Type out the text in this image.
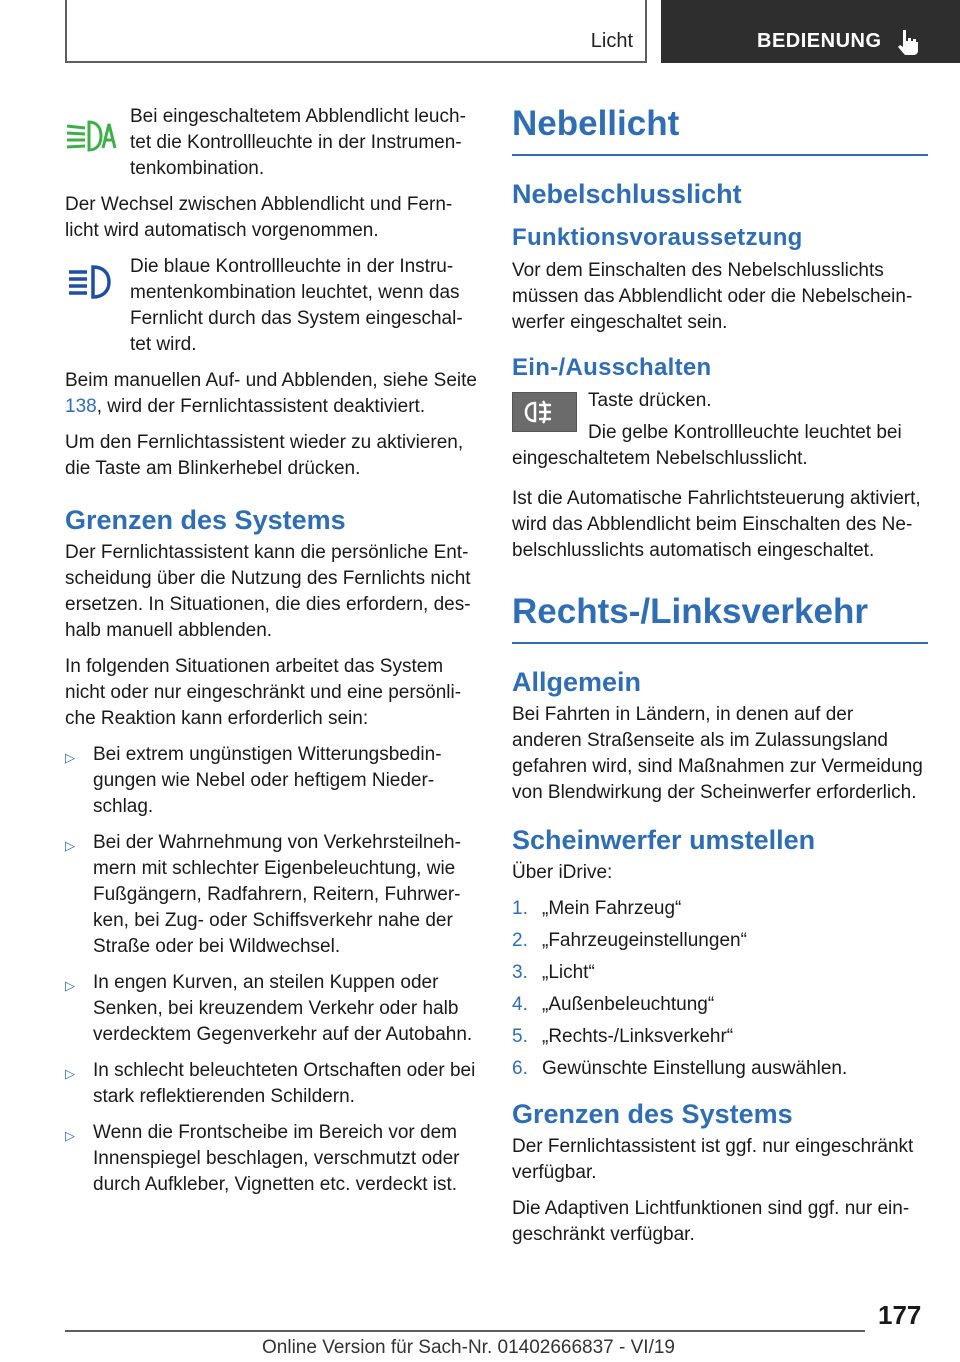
Licht	BEDIENUNG

Bei eingeschaltetem Abblendlicht leuchtet die Kontrollleuchte in der Instrumentenkombination.

Der Wechsel zwischen Abblendlicht und Fernlicht wird automatisch vorgenommen.

Die blaue Kontrollleuchte in der Instrumentenkombination leuchtet, wenn das Fernlicht durch das System eingeschaltet wird.

Beim manuellen Auf- und Abblenden, siehe Seite 138, wird der Fernlichtassistent deaktiviert.

Um den Fernlichtassistent wieder zu aktivieren, die Taste am Blinkerhebel drücken.

Grenzen des Systems

Der Fernlichtassistent kann die persönliche Entscheidung über die Nutzung des Fernlichts nicht ersetzen. In Situationen, die dies erfordern, deshalb manuell abblenden.

In folgenden Situationen arbeitet das System nicht oder nur eingeschränkt und eine persönliche Reaktion kann erforderlich sein:

▷ Bei extrem ungünstigen Witterungsbedingungen wie Nebel oder heftigem Niederschlag.
▷ Bei der Wahrnehmung von Verkehrsteilnehmern mit schlechter Eigenbeleuchtung, wie Fußgängern, Radfahrern, Reitern, Fuhrwerken, bei Zug- oder Schiffsverkehr nahe der Straße oder bei Wildwechsel.
▷ In engen Kurven, an steilen Kuppen oder Senken, bei kreuzendem Verkehr oder halb verdecktem Gegenverkehr auf der Autobahn.
▷ In schlecht beleuchteten Ortschaften oder bei stark reflektierenden Schildern.
▷ Wenn die Frontscheibe im Bereich vor dem Innenspiegel beschlagen, verschmutzt oder durch Aufkleber, Vignetten etc. verdeckt ist.
Nebellicht
Nebelschlusslicht
Funktionsvoraussetzung

Vor dem Einschalten des Nebelschlusslichts müssen das Abblendlicht oder die Nebelscheinwerfer eingeschaltet sein.

Ein-/Ausschalten

Taste drücken.

Die gelbe Kontrollleuchte leuchtet bei eingeschaltetem Nebelschlusslicht.

Ist die Automatische Fahrlichtsteuerung aktiviert, wird das Abblendlicht beim Einschalten des Nebelschlusslichts automatisch eingeschaltet.

Rechts-/Linksverkehr
Allgemein

Bei Fahrten in Ländern, in denen auf der anderen Straßenseite als im Zulassungsland gefahren wird, sind Maßnahmen zur Vermeidung von Blendwirkung der Scheinwerfer erforderlich.

Scheinwerfer umstellen

Über iDrive:

1. „Mein Fahrzeug“
2. „Fahrzeugeinstellungen“
3. „Licht“
4. „Außenbeleuchtung“
5. „Rechts-/Linksverkehr“
6. Gewünschte Einstellung auswählen.
Grenzen des Systems

Der Fernlichtassistent ist ggf. nur eingeschränkt verfügbar.

Die Adaptiven Lichtfunktionen sind ggf. nur eingeschränkt verfügbar.

177
Online Version für Sach-Nr. 01402666837 - VI/19
